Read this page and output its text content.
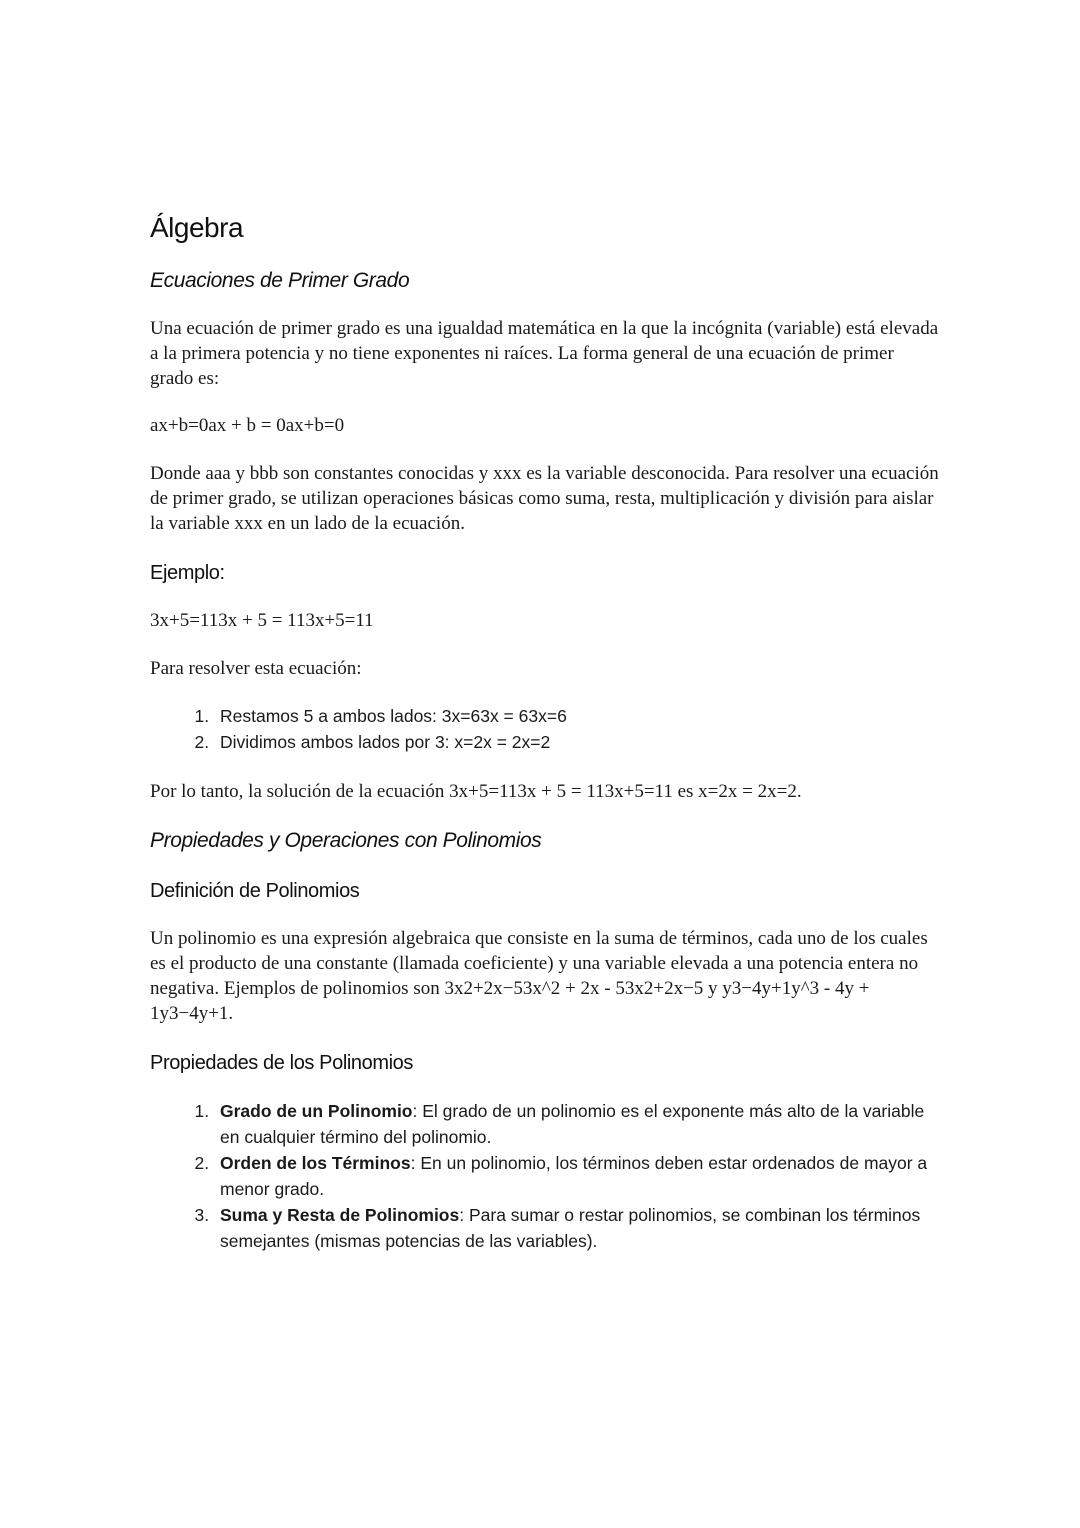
Álgebra
Ecuaciones de Primer Grado

Una ecuación de primer grado es una igualdad matemática en la que la incógnita (variable) está elevada a la primera potencia y no tiene exponentes ni raíces. La forma general de una ecuación de primer grado es:

ax+b=0ax + b = 0ax+b=0

Donde aaa y bbb son constantes conocidas y xxx es la variable desconocida. Para resolver una ecuación de primer grado, se utilizan operaciones básicas como suma, resta, multiplicación y división para aislar la variable xxx en un lado de la ecuación.

Ejemplo:

3x+5=113x + 5 = 113x+5=11

Para resolver esta ecuación:

1. Restamos 5 a ambos lados: 3x=63x = 63x=6
2. Dividimos ambos lados por 3: x=2x = 2x=2

Por lo tanto, la solución de la ecuación 3x+5=113x + 5 = 113x+5=11 es x=2x = 2x=2.

Propiedades y Operaciones con Polinomios
Definición de Polinomios

Un polinomio es una expresión algebraica que consiste en la suma de términos, cada uno de los cuales es el producto de una constante (llamada coeficiente) y una variable elevada a una potencia entera no negativa. Ejemplos de polinomios son 3x2+2x−53x^2 + 2x - 53x2+2x−5 y y3−4y+1y^3 - 4y + 1y3−4y+1.

Propiedades de los Polinomios
1. Grado de un Polinomio: El grado de un polinomio es el exponente más alto de la variable en cualquier término del polinomio.
2. Orden de los Términos: En un polinomio, los términos deben estar ordenados de mayor a menor grado.
3. Suma y Resta de Polinomios: Para sumar o restar polinomios, se combinan los términos semejantes (mismas potencias de las variables).
